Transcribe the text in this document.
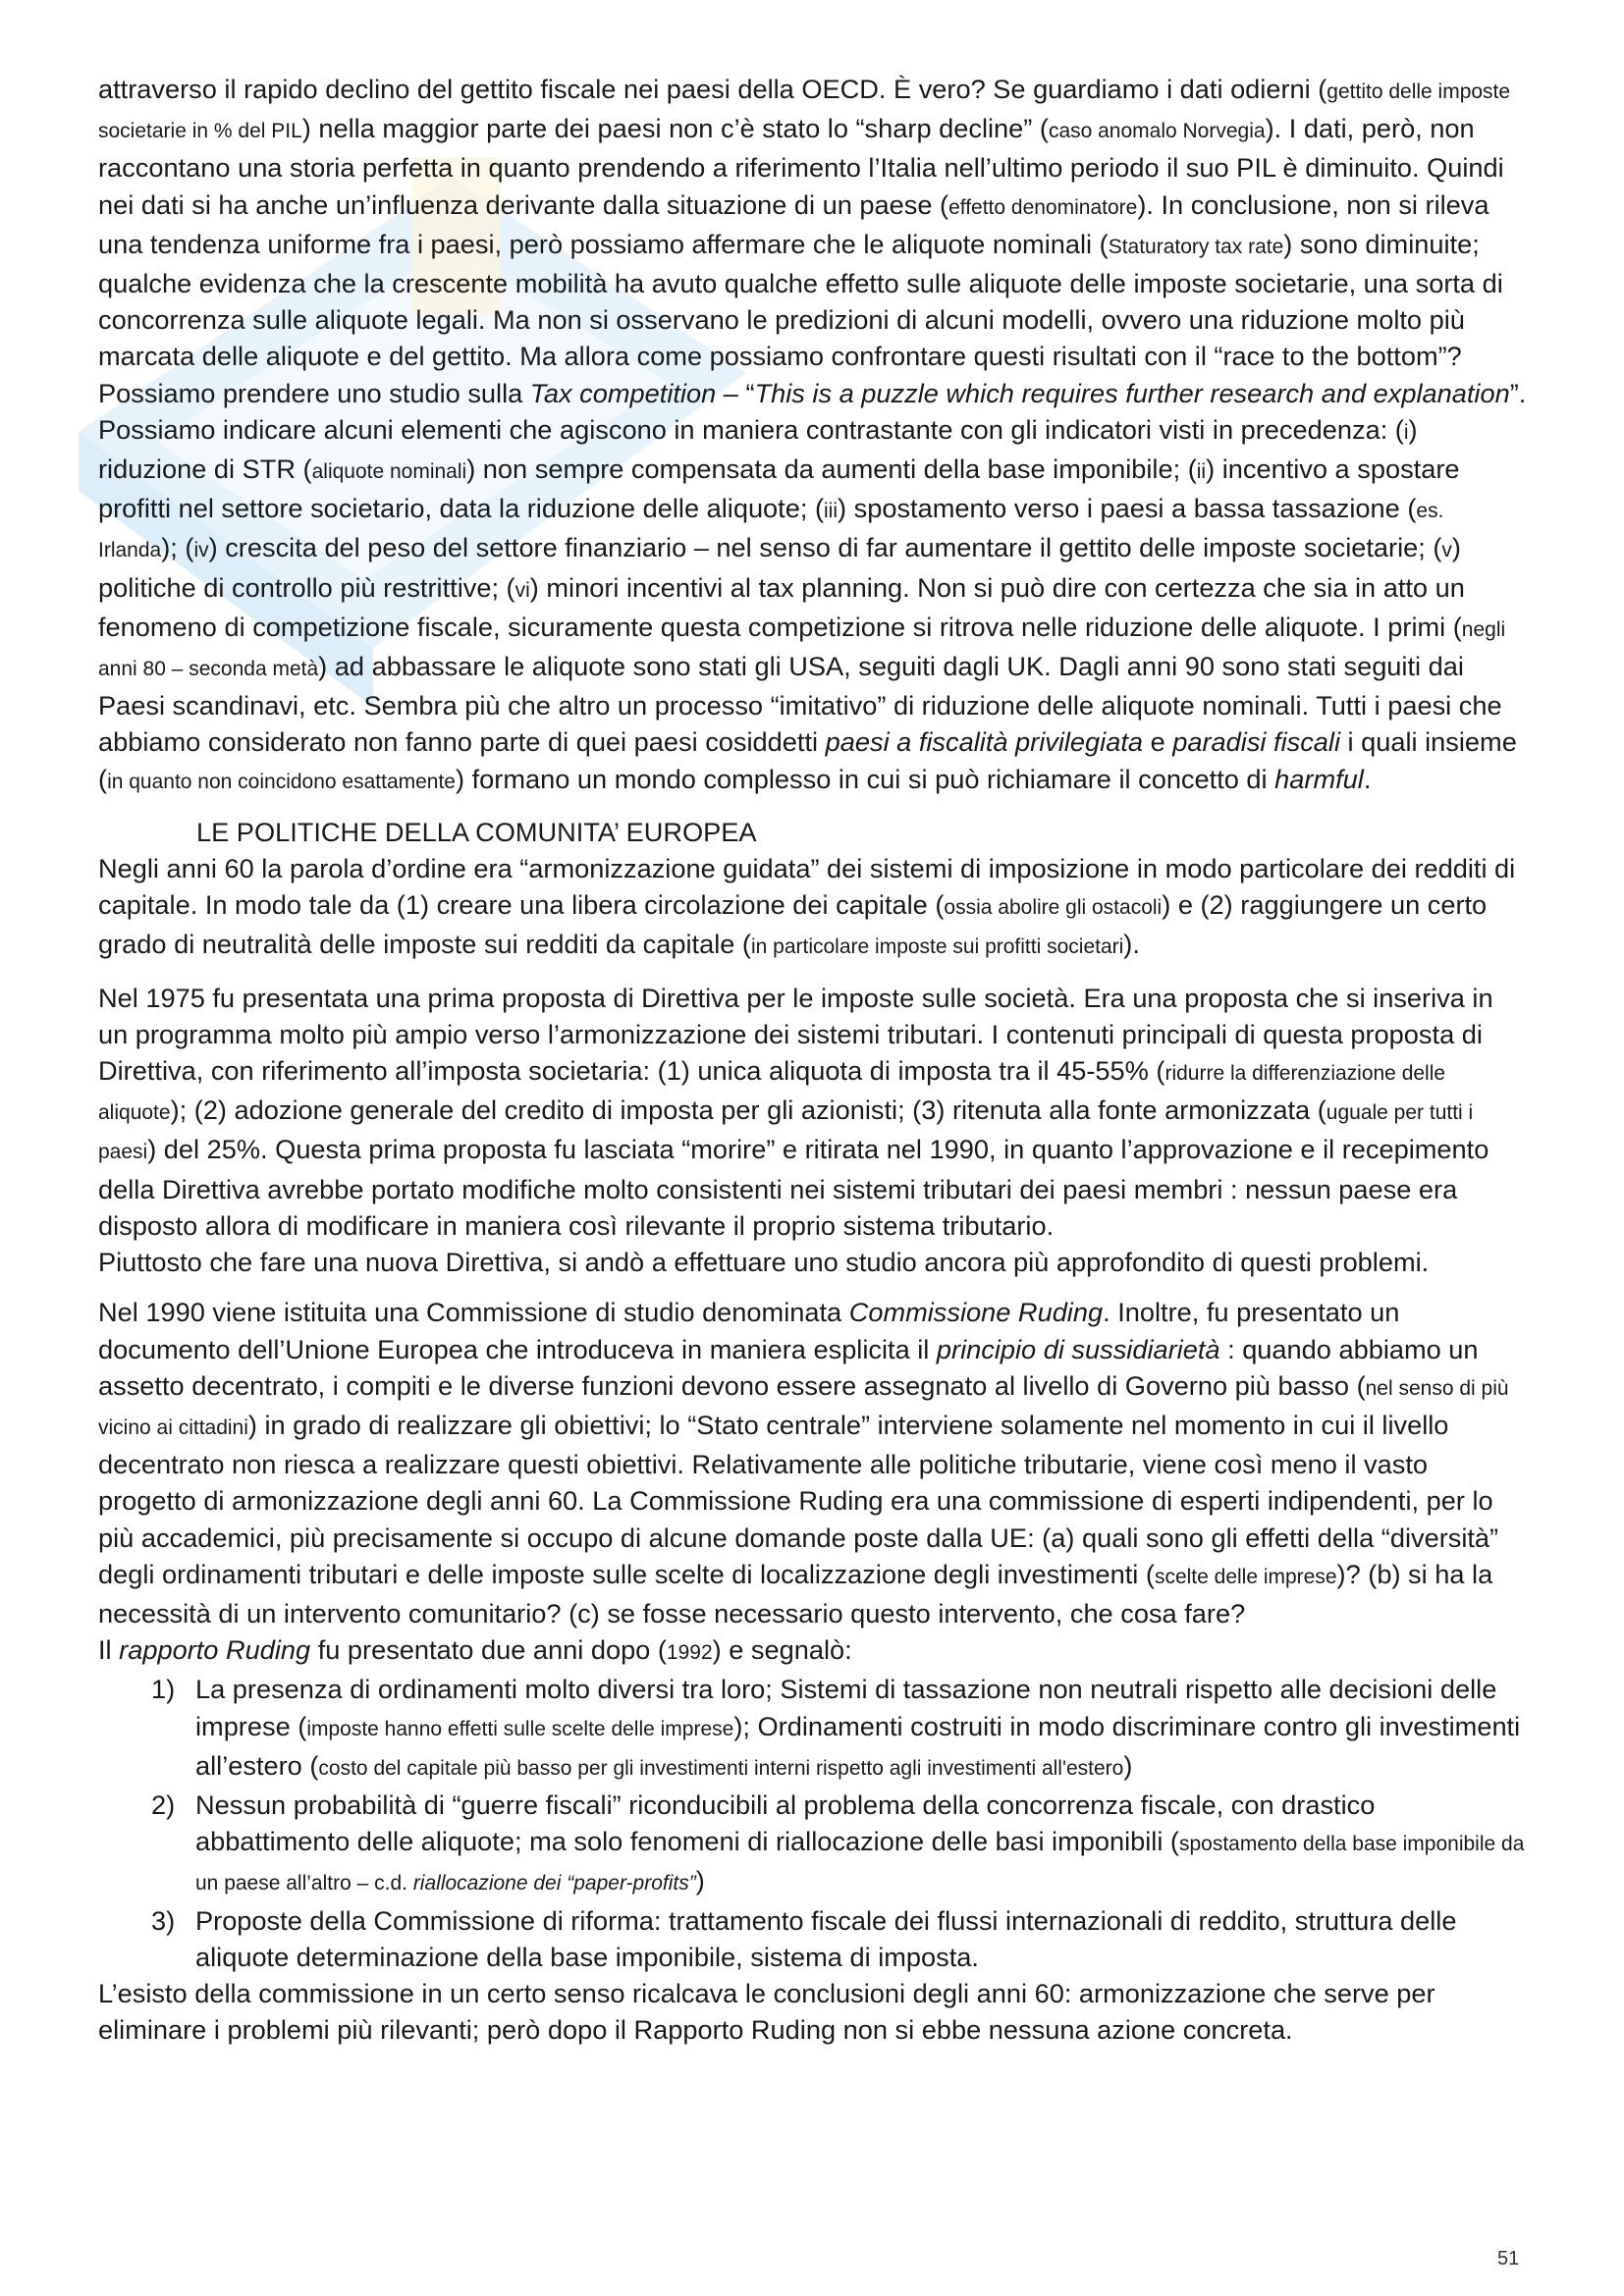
attraverso il rapido declino del gettito fiscale nei paesi della OECD. È vero? Se guardiamo i dati odierni (gettito delle imposte societarie in % del PIL) nella maggior parte dei paesi non c’è stato lo “sharp decline” (caso anomalo Norvegia). I dati, però, non raccontano una storia perfetta in quanto prendendo a riferimento l’Italia nell’ultimo periodo il suo PIL è diminuito. Quindi nei dati si ha anche un’influenza derivante dalla situazione di un paese (effetto denominatore). In conclusione, non si rileva una tendenza uniforme fra i paesi, però possiamo affermare che le aliquote nominali (Staturatory tax rate) sono diminuite; qualche evidenza che la crescente mobilità ha avuto qualche effetto sulle aliquote delle imposte societarie, una sorta di concorrenza sulle aliquote legali. Ma non si osservano le predizioni di alcuni modelli, ovvero una riduzione molto più marcata delle aliquote e del gettito. Ma allora come possiamo confrontare questi risultati con il “race to the bottom”? Possiamo prendere uno studio sulla Tax competition – “This is a puzzle which requires further research and explanation”. Possiamo indicare alcuni elementi che agiscono in maniera contrastante con gli indicatori visti in precedenza: (i) riduzione di STR (aliquote nominali) non sempre compensata da aumenti della base imponibile; (ii) incentivo a spostare profitti nel settore societario, data la riduzione delle aliquote; (iii) spostamento verso i paesi a bassa tassazione (es. Irlanda); (iv) crescita del peso del settore finanziario – nel senso di far aumentare il gettito delle imposte societarie; (v) politiche di controllo più restrittive; (vi) minori incentivi al tax planning. Non si può dire con certezza che sia in atto un fenomeno di competizione fiscale, sicuramente questa competizione si ritrova nelle riduzione delle aliquote. I primi (negli anni 80 – seconda metà) ad abbassare le aliquote sono stati gli USA, seguiti dagli UK. Dagli anni 90 sono stati seguiti dai Paesi scandinavi, etc. Sembra più che altro un processo “imitativo” di riduzione delle aliquote nominali. Tutti i paesi che abbiamo considerato non fanno parte di quei paesi cosiddetti paesi a fiscalità privilegiata e paradisi fiscali i quali insieme (in quanto non coincidono esattamente) formano un mondo complesso in cui si può richiamare il concetto di harmful.

LE POLITICHE DELLA COMUNITA’ EUROPEA

Negli anni 60 la parola d’ordine era “armonizzazione guidata” dei sistemi di imposizione in modo particolare dei redditi di capitale. In modo tale da (1) creare una libera circolazione dei capitale (ossia abolire gli ostacoli) e (2) raggiungere un certo grado di neutralità delle imposte sui redditi da capitale (in particolare imposte sui profitti societari).

Nel 1975 fu presentata una prima proposta di Direttiva per le imposte sulle società. Era una proposta che si inseriva in un programma molto più ampio verso l’armonizzazione dei sistemi tributari. I contenuti principali di questa proposta di Direttiva, con riferimento all’imposta societaria: (1) unica aliquota di imposta tra il 45-55% (ridurre la differenziazione delle aliquote); (2) adozione generale del credito di imposta per gli azionisti; (3) ritenuta alla fonte armonizzata (uguale per tutti i paesi) del 25%. Questa prima proposta fu lasciata “morire” e ritirata nel 1990, in quanto l’approvazione e il recepimento della Direttiva avrebbe portato modifiche molto consistenti nei sistemi tributari dei paesi membri : nessun paese era disposto allora di modificare in maniera così rilevante il proprio sistema tributario.

Piuttosto che fare una nuova Direttiva, si andò a effettuare uno studio ancora più approfondito di questi problemi.

Nel 1990 viene istituita una Commissione di studio denominata Commissione Ruding. Inoltre, fu presentato un documento dell’Unione Europea che introduceva in maniera esplicita il principio di sussidiarietà : quando abbiamo un assetto decentrato, i compiti e le diverse funzioni devono essere assegnato al livello di Governo più basso (nel senso di più vicino ai cittadini) in grado di realizzare gli obiettivi; lo “Stato centrale” interviene solamente nel momento in cui il livello decentrato non riesca a realizzare questi obiettivi. Relativamente alle politiche tributarie, viene così meno il vasto progetto di armonizzazione degli anni 60. La Commissione Ruding era una commissione di esperti indipendenti, per lo più accademici, più precisamente si occupo di alcune domande poste dalla UE: (a) quali sono gli effetti della “diversità” degli ordinamenti tributari e delle imposte sulle scelte di localizzazione degli investimenti (scelte delle imprese)? (b) si ha la necessità di un intervento comunitario? (c) se fosse necessario questo intervento, che cosa fare?

Il rapporto Ruding fu presentato due anni dopo (1992) e segnalò:

1) La presenza di ordinamenti molto diversi tra loro; Sistemi di tassazione non neutrali rispetto alle decisioni delle imprese (imposte hanno effetti sulle scelte delle imprese); Ordinamenti costruiti in modo discriminare contro gli investimenti all’estero (costo del capitale più basso per gli investimenti interni rispetto agli investimenti all'estero)
2) Nessun probabilità di “guerre fiscali” riconducibili al problema della concorrenza fiscale, con drastico abbattimento delle aliquote; ma solo fenomeni di riallocazione delle basi imponibili (spostamento della base imponibile da un paese all’altro – c.d. riallocazione dei “paper-profits”)
3) Proposte della Commissione di riforma: trattamento fiscale dei flussi internazionali di reddito, struttura delle aliquote determinazione della base imponibile, sistema di imposta.

L’esisto della commissione in un certo senso ricalcava le conclusioni degli anni 60: armonizzazione che serve per eliminare i problemi più rilevanti; però dopo il Rapporto Ruding non si ebbe nessuna azione concreta.

51
